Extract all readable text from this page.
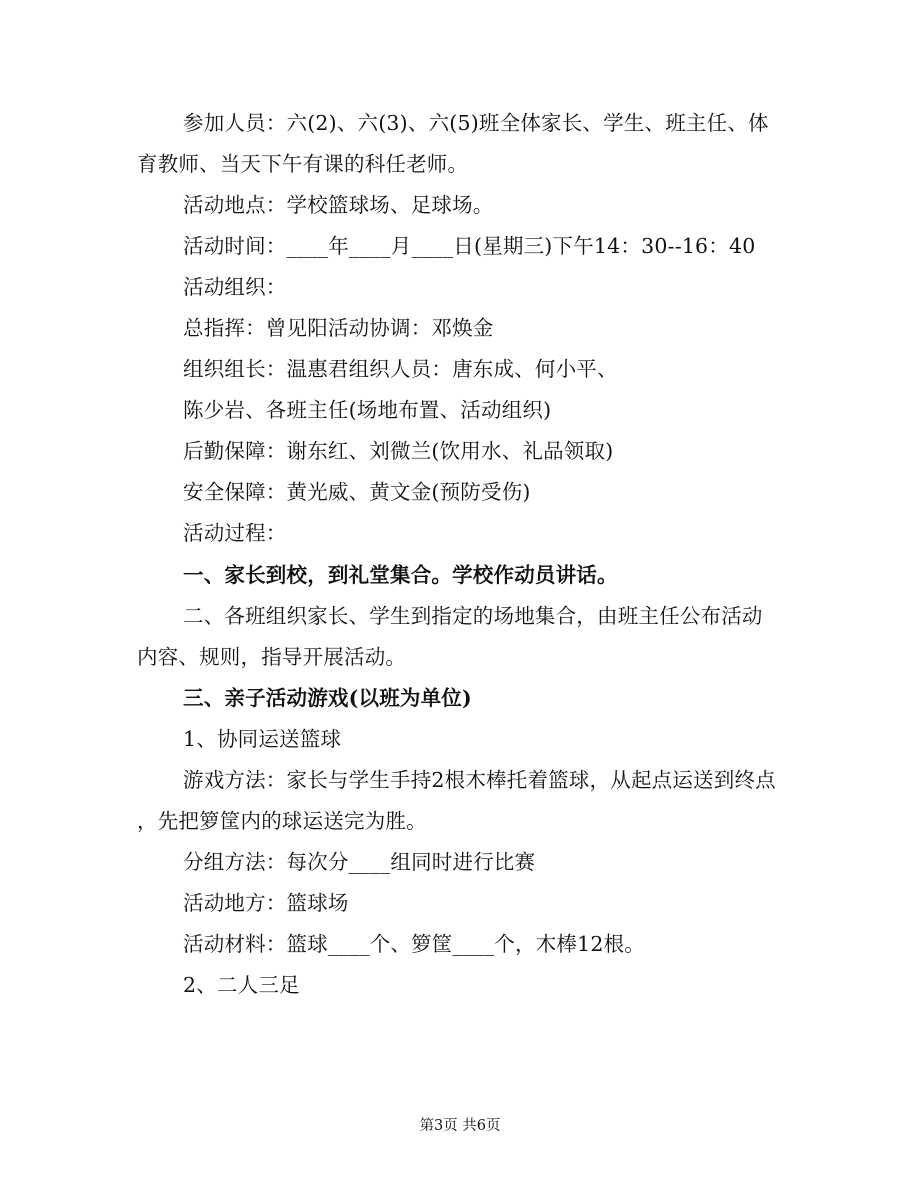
参加人员：六(2)、六(3)、六(5)班全体家长、学生、班主任、体
育教师、当天下午有课的科任老师。
活动地点：学校篮球场、足球场。
活动时间：____年____月____日(星期三)下午14：30--16：40
活动组织：
总指挥：曾见阳活动协调：邓焕金
组织组长：温惠君组织人员：唐东成、何小平、
陈少岩、各班主任(场地布置、活动组织)
后勤保障：谢东红、刘微兰(饮用水、礼品领取)
安全保障：黄光威、黄文金(预防受伤)
活动过程：
一、家长到校，到礼堂集合。学校作动员讲话。
二、各班组织家长、学生到指定的场地集合，由班主任公布活动
内容、规则，指导开展活动。
三、亲子活动游戏(以班为单位)
1、协同运送篮球
游戏方法：家长与学生手持2根木棒托着篮球，从起点运送到终点
，先把箩筐内的球运送完为胜。
分组方法：每次分____组同时进行比赛
活动地方：篮球场
活动材料：篮球____个、箩筐____个，木棒12根。
2、二人三足
第3页 共6页
